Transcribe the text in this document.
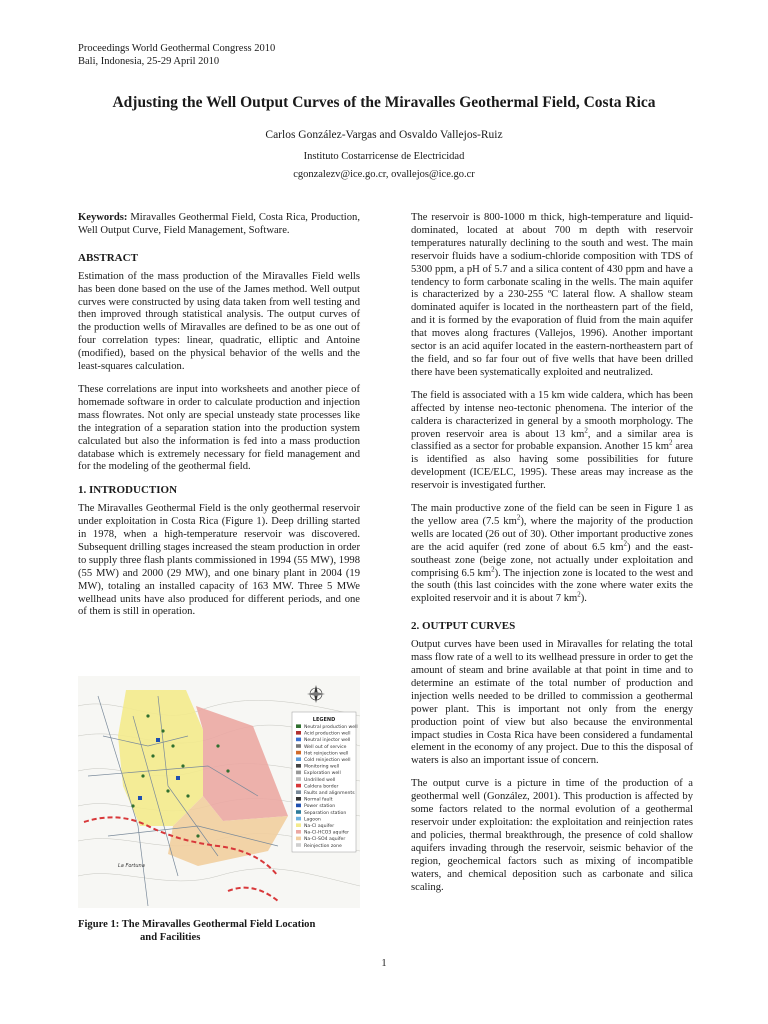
Proceedings World Geothermal Congress 2010
Bali, Indonesia, 25-29 April 2010
Adjusting the Well Output Curves of the Miravalles Geothermal Field, Costa Rica
Carlos González-Vargas and Osvaldo Vallejos-Ruiz
Instituto Costarricense de Electricidad
cgonzalezv@ice.go.cr, ovallejos@ice.go.cr

Keywords: Miravalles Geothermal Field, Costa Rica, Production, Well Output Curve, Field Management, Software.

ABSTRACT

Estimation of the mass production of the Miravalles Field wells has been done based on the use of the James method. Well output curves were constructed by using data taken from well testing and then improved through statistical analysis. The output curves of the production wells of Miravalles are defined to be as one out of four correlation types: linear, quadratic, elliptic and Antoine (modified), based on the physical behavior of the wells and the least-squares calculation.

These correlations are input into worksheets and another piece of homemade software in order to calculate production and injection mass flowrates. Not only are special unsteady state processes like the integration of a separation station into the production system calculated but also the information is fed into a mass production database which is extremely necessary for field management and for the modeling of the geothermal field.

1. INTRODUCTION

The Miravalles Geothermal Field is the only geothermal reservoir under exploitation in Costa Rica (Figure 1). Deep drilling started in 1978, when a high-temperature reservoir was discovered. Subsequent drilling stages increased the steam production in order to supply three flash plants commissioned in 1994 (55 MW), 1998 (55 MW) and 2000 (29 MW), and one binary plant in 2004 (19 MW), totaling an installed capacity of 163 MW. Three 5 MWe wellhead units have also produced for different periods, and one of them is still in operation.

La Fortuna
LEGEND
Neutral production well
Acid production well
Neutral injector well
Well out of service
Hot reinjection well
Cold reinjection well
Monitoring well
Exploration well
Undrilled well
Caldera border
Faults and alignments
Normal fault
Power station
Separation station
Lagoon
Na-Cl aquifer
Na-Cl-HCO3 aquifer
Na-Cl-SO4 aquifer
Reinjection zone
Figure 1: The Miravalles Geothermal Field Location
and Facilities

The reservoir is 800-1000 m thick, high-temperature and liquid-dominated, located at about 700 m depth with reservoir temperatures naturally declining to the south and west. The main reservoir fluids have a sodium-chloride composition with TDS of 5300 ppm, a pH of 5.7 and a silica content of 430 ppm and have a tendency to form carbonate scaling in the wells. The main aquifer is characterized by a 230-255 ºC lateral flow. A shallow steam dominated aquifer is located in the northeastern part of the field, and it is formed by the evaporation of fluid from the main aquifer that moves along fractures (Vallejos, 1996). Another important sector is an acid aquifer located in the eastern-northeastern part of the field, and so far four out of five wells that have been drilled there have been systematically exploited and neutralized.

The field is associated with a 15 km wide caldera, which has been affected by intense neo-tectonic phenomena. The interior of the caldera is characterized in general by a smooth morphology. The proven reservoir area is about 13 $km^2$, and a similar area is classified as a sector for probable expansion. Another 15 $km^2$ area is identified as also having some possibilities for future development (ICE/ELC, 1995). These areas may increase as the reservoir is investigated further.

The main productive zone of the field can be seen in Figure 1 as the yellow area (7.5 $km^2$), where the majority of the production wells are located (26 out of 30). Other important productive zones are the acid aquifer (red zone of about 6.5 $km^2$) and the east-southeast zone (beige zone, not actually under exploitation and comprising 6.5 $km^2$). The injection zone is located to the west and the south (this last coincides with the zone where water exits the exploited reservoir and it is about 7 $km^2$).

2. OUTPUT CURVES

Output curves have been used in Miravalles for relating the total mass flow rate of a well to its wellhead pressure in order to get the amount of steam and brine available at that point in time and to determine an estimate of the total number of production and injection wells needed to be drilled to commission a geothermal power plant. This is important not only from the energy production point of view but also because the environmental impact studies in Costa Rica have been considered a fundamental element in the economy of any project. Due to this the disposal of waters is also an important issue of concern.

The output curve is a picture in time of the production of a geothermal well (González, 2001). This production is affected by some factors related to the normal evolution of a geothermal reservoir under exploitation: the exploitation and reinjection rates and policies, thermal breakthrough, the presence of cold shallow aquifers invading through the reservoir, seismic behavior of the region, geochemical factors such as mixing of incompatible waters, and chemical deposition such as carbonate and silica scaling.

1
